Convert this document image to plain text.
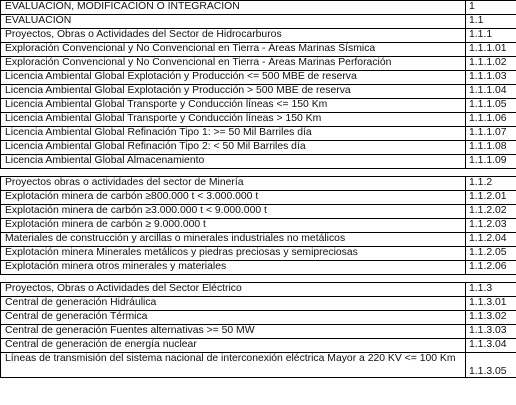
EVALUACIÓN, MODIFICACIÓN O INTEGRACIÓN	1
EVALUACIÓN	1.1
Proyectos, Obras o Actividades del Sector de Hidrocarburos	1.1.1
Exploración Convencional y No Convencional en Tierra - Áreas Marinas Sísmica	1.1.1.01
Exploración Convencional y No Convencional en Tierra - Áreas Marinas Perforación	1.1.1.02
Licencia Ambiental Global Explotación y Producción <= 500 MBE de reserva	1.1.1.03
Licencia Ambiental Global Explotación y Producción > 500 MBE de reserva	1.1.1.04
Licencia Ambiental Global Transporte y Conducción líneas <= 150 Km	1.1.1.05
Licencia Ambiental Global Transporte y Conducción líneas > 150 Km	1.1.1.06
Licencia Ambiental Global Refinación Tipo 1: >= 50 Mil Barriles día	1.1.1.07
Licencia Ambiental Global Refinación Tipo 2: < 50 Mil Barriles día	1.1.1.08
Licencia Ambiental Global Almacenamiento	1.1.1.09

Proyectos obras o actividades del sector de Minería	1.1.2
Explotación minera de carbón ≥800.000 t < 3.000.000 t	1.1.2.01
Explotación minera de carbón ≥3.000.000 t < 9.000.000 t	1.1.2.02
Explotación minera de carbón ≥ 9.000.000 t	1.1.2.03
Materiales de construcción y arcillas o minerales industriales no metálicos	1.1.2.04
Explotación minera Minerales metálicos y piedras preciosas y semipreciosas	1.1.2.05
Explotación minera otros minerales y materiales	1.1.2.06

Proyectos, Obras o Actividades del Sector Eléctrico	1.1.3
Central de generación Hidráulica	1.1.3.01
Central de generación Térmica	1.1.3.02
Central de generación Fuentes alternativas >= 50 MW	1.1.3.03
Central de generación de energía nuclear	1.1.3.04
Líneas de transmisión del sistema nacional de interconexión eléctrica Mayor a 220 KV <= 100 Km	1.1.3.05
